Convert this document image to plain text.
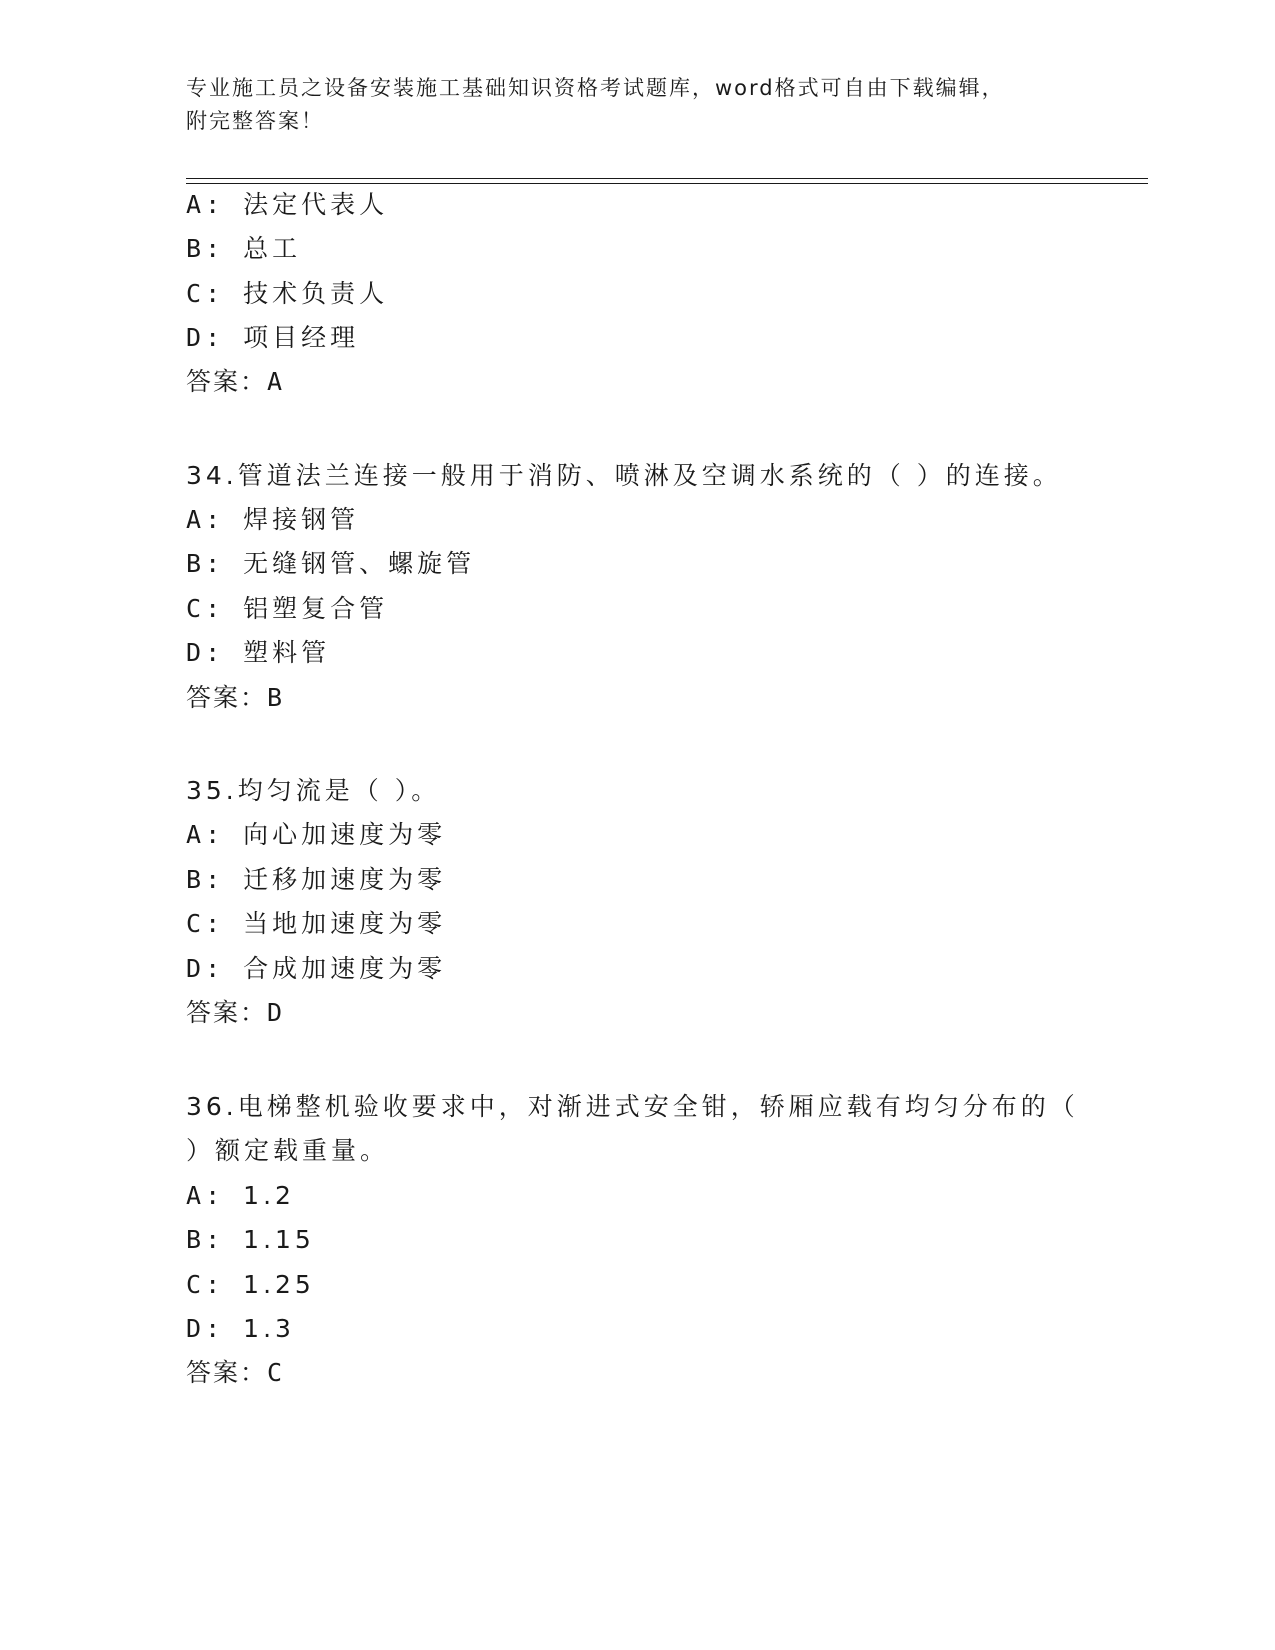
专业施工员之设备安装施工基础知识资格考试题库，word格式可自由下载编辑，
附完整答案！
A: 法定代表人
B: 总工
C: 技术负责人
D: 项目经理
答案：A
34.管道法兰连接一般用于消防、喷淋及空调水系统的（ ）的连接。
A: 焊接钢管
B: 无缝钢管、螺旋管
C: 铝塑复合管
D: 塑料管
答案：B
35.均匀流是（ ）。
A: 向心加速度为零
B: 迁移加速度为零
C: 当地加速度为零
D: 合成加速度为零
答案：D
36.电梯整机验收要求中，对渐进式安全钳，轿厢应载有均匀分布的（
）额定载重量。
A: 1.2
B: 1.15
C: 1.25
D: 1.3
答案：C
